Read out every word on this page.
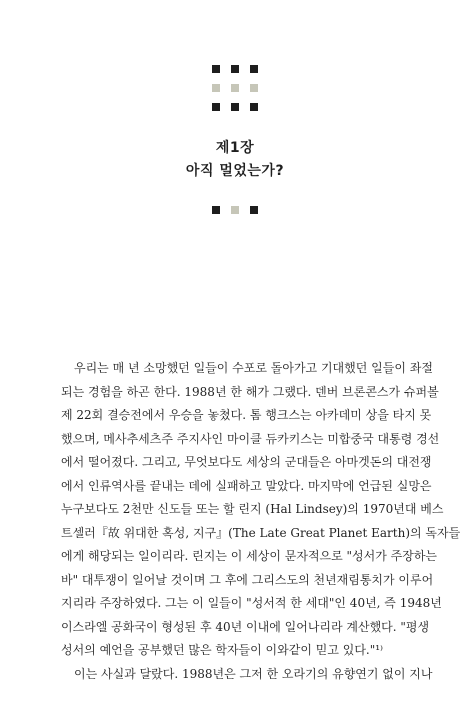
제1장
아직 멀었는가?
우리는 매 년 소망했던 일들이 수포로 돌아가고 기대했던 일들이 좌절
되는 경험을 하곤 한다. 1988년 한 해가 그랬다. 덴버 브론콘스가 슈퍼볼
제 22회 결승전에서 우승을 놓쳤다. 톰 행크스는 아카데미 상을 타지 못
했으며, 메사추세츠주 주지사인 마이클 듀카키스는 미합중국 대통령 경선
에서 떨어졌다. 그리고, 무엇보다도 세상의 군대들은 아마겟돈의 대전쟁
에서 인류역사를 끝내는 데에 실패하고 말았다. 마지막에 언급된 실망은
누구보다도 2천만 신도들 또는 할 린지 (Hal Lindsey)의 1970년대 베스
트셀러『故 위대한 혹성, 지구』(The Late Great Planet Earth)의 독자들
에게 해당되는 일이리라. 린지는 이 세상이 문자적으로 "성서가 주장하는
바" 대투쟁이 일어날 것이며 그 후에 그리스도의 천년재림통치가 이루어
지리라 주장하였다. 그는 이 일들이 "성서적 한 세대"인 40년, 즉 1948년
이스라엘 공화국이 형성된 후 40년 이내에 일어나리라 계산했다. "평생
성서의 예언을 공부했던 많은 학자들이 이와같이 믿고 있다."¹⁾
이는 사실과 달랐다. 1988년은 그저 한 오라기의 유향연기 없이 지나
